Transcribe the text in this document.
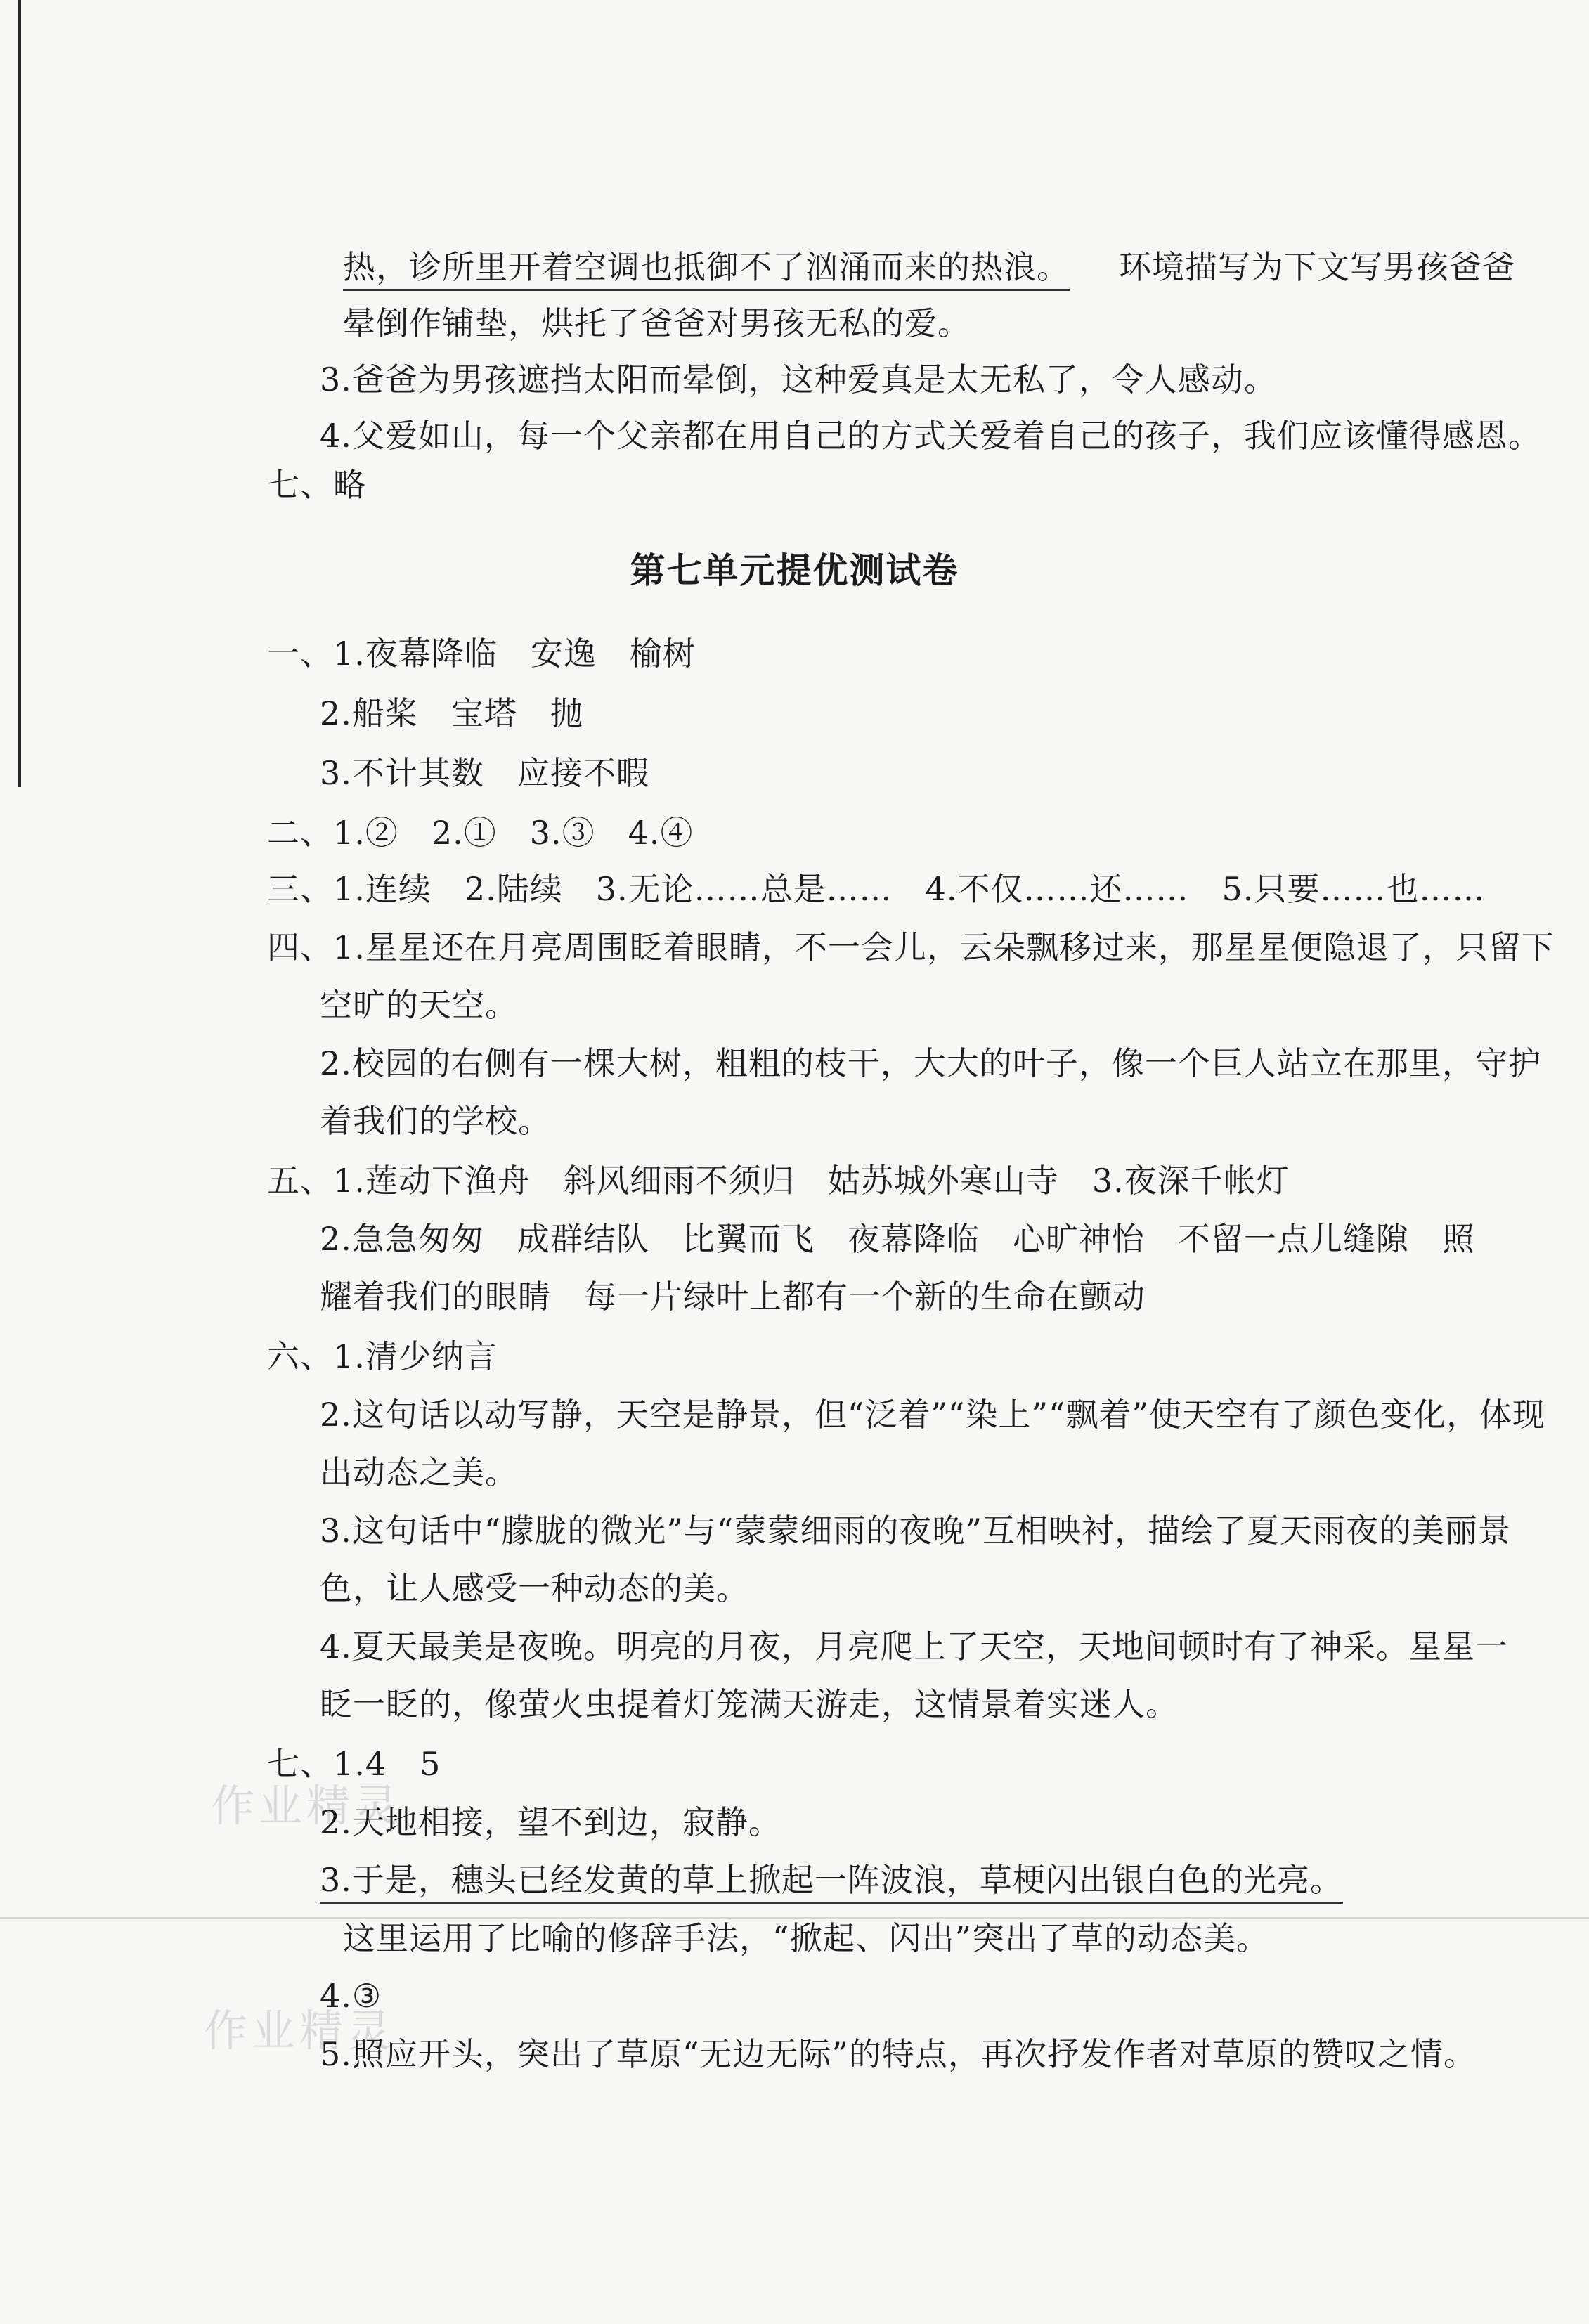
作业精灵
作业精灵
热，诊所里开着空调也抵御不了汹涌而来的热浪。 环境描写为下文写男孩爸爸
晕倒作铺垫，烘托了爸爸对男孩无私的爱。
3.爸爸为男孩遮挡太阳而晕倒，这种爱真是太无私了，令人感动。
4.父爱如山，每一个父亲都在用自己的方式关爱着自己的孩子，我们应该懂得感恩。
七、略
第七单元提优测试卷
一、1.夜幕降临　安逸　榆树
2.船桨　宝塔　抛
3.不计其数　应接不暇
二、1.②　2.①　3.③　4.④
三、1.连续　2.陆续　3.无论……总是……　4.不仅……还……　5.只要……也……
四、1.星星还在月亮周围眨着眼睛，不一会儿，云朵飘移过来，那星星便隐退了，只留下
空旷的天空。
2.校园的右侧有一棵大树，粗粗的枝干，大大的叶子，像一个巨人站立在那里，守护
着我们的学校。
五、1.莲动下渔舟　斜风细雨不须归　姑苏城外寒山寺　3.夜深千帐灯
2.急急匆匆　成群结队　比翼而飞　夜幕降临　心旷神怡　不留一点儿缝隙　照
耀着我们的眼睛　每一片绿叶上都有一个新的生命在颤动
六、1.清少纳言
2.这句话以动写静，天空是静景，但“泛着”“染上”“飘着”使天空有了颜色变化，体现
出动态之美。
3.这句话中“朦胧的微光”与“蒙蒙细雨的夜晚”互相映衬，描绘了夏天雨夜的美丽景
色，让人感受一种动态的美。
4.夏天最美是夜晚。明亮的月夜，月亮爬上了天空，天地间顿时有了神采。星星一
眨一眨的，像萤火虫提着灯笼满天游走，这情景着实迷人。
七、1.4　5
2.天地相接，望不到边，寂静。
3.于是，穗头已经发黄的草上掀起一阵波浪，草梗闪出银白色的光亮。
这里运用了比喻的修辞手法，“掀起、闪出”突出了草的动态美。
4.③
5.照应开头，突出了草原“无边无际”的特点，再次抒发作者对草原的赞叹之情。
